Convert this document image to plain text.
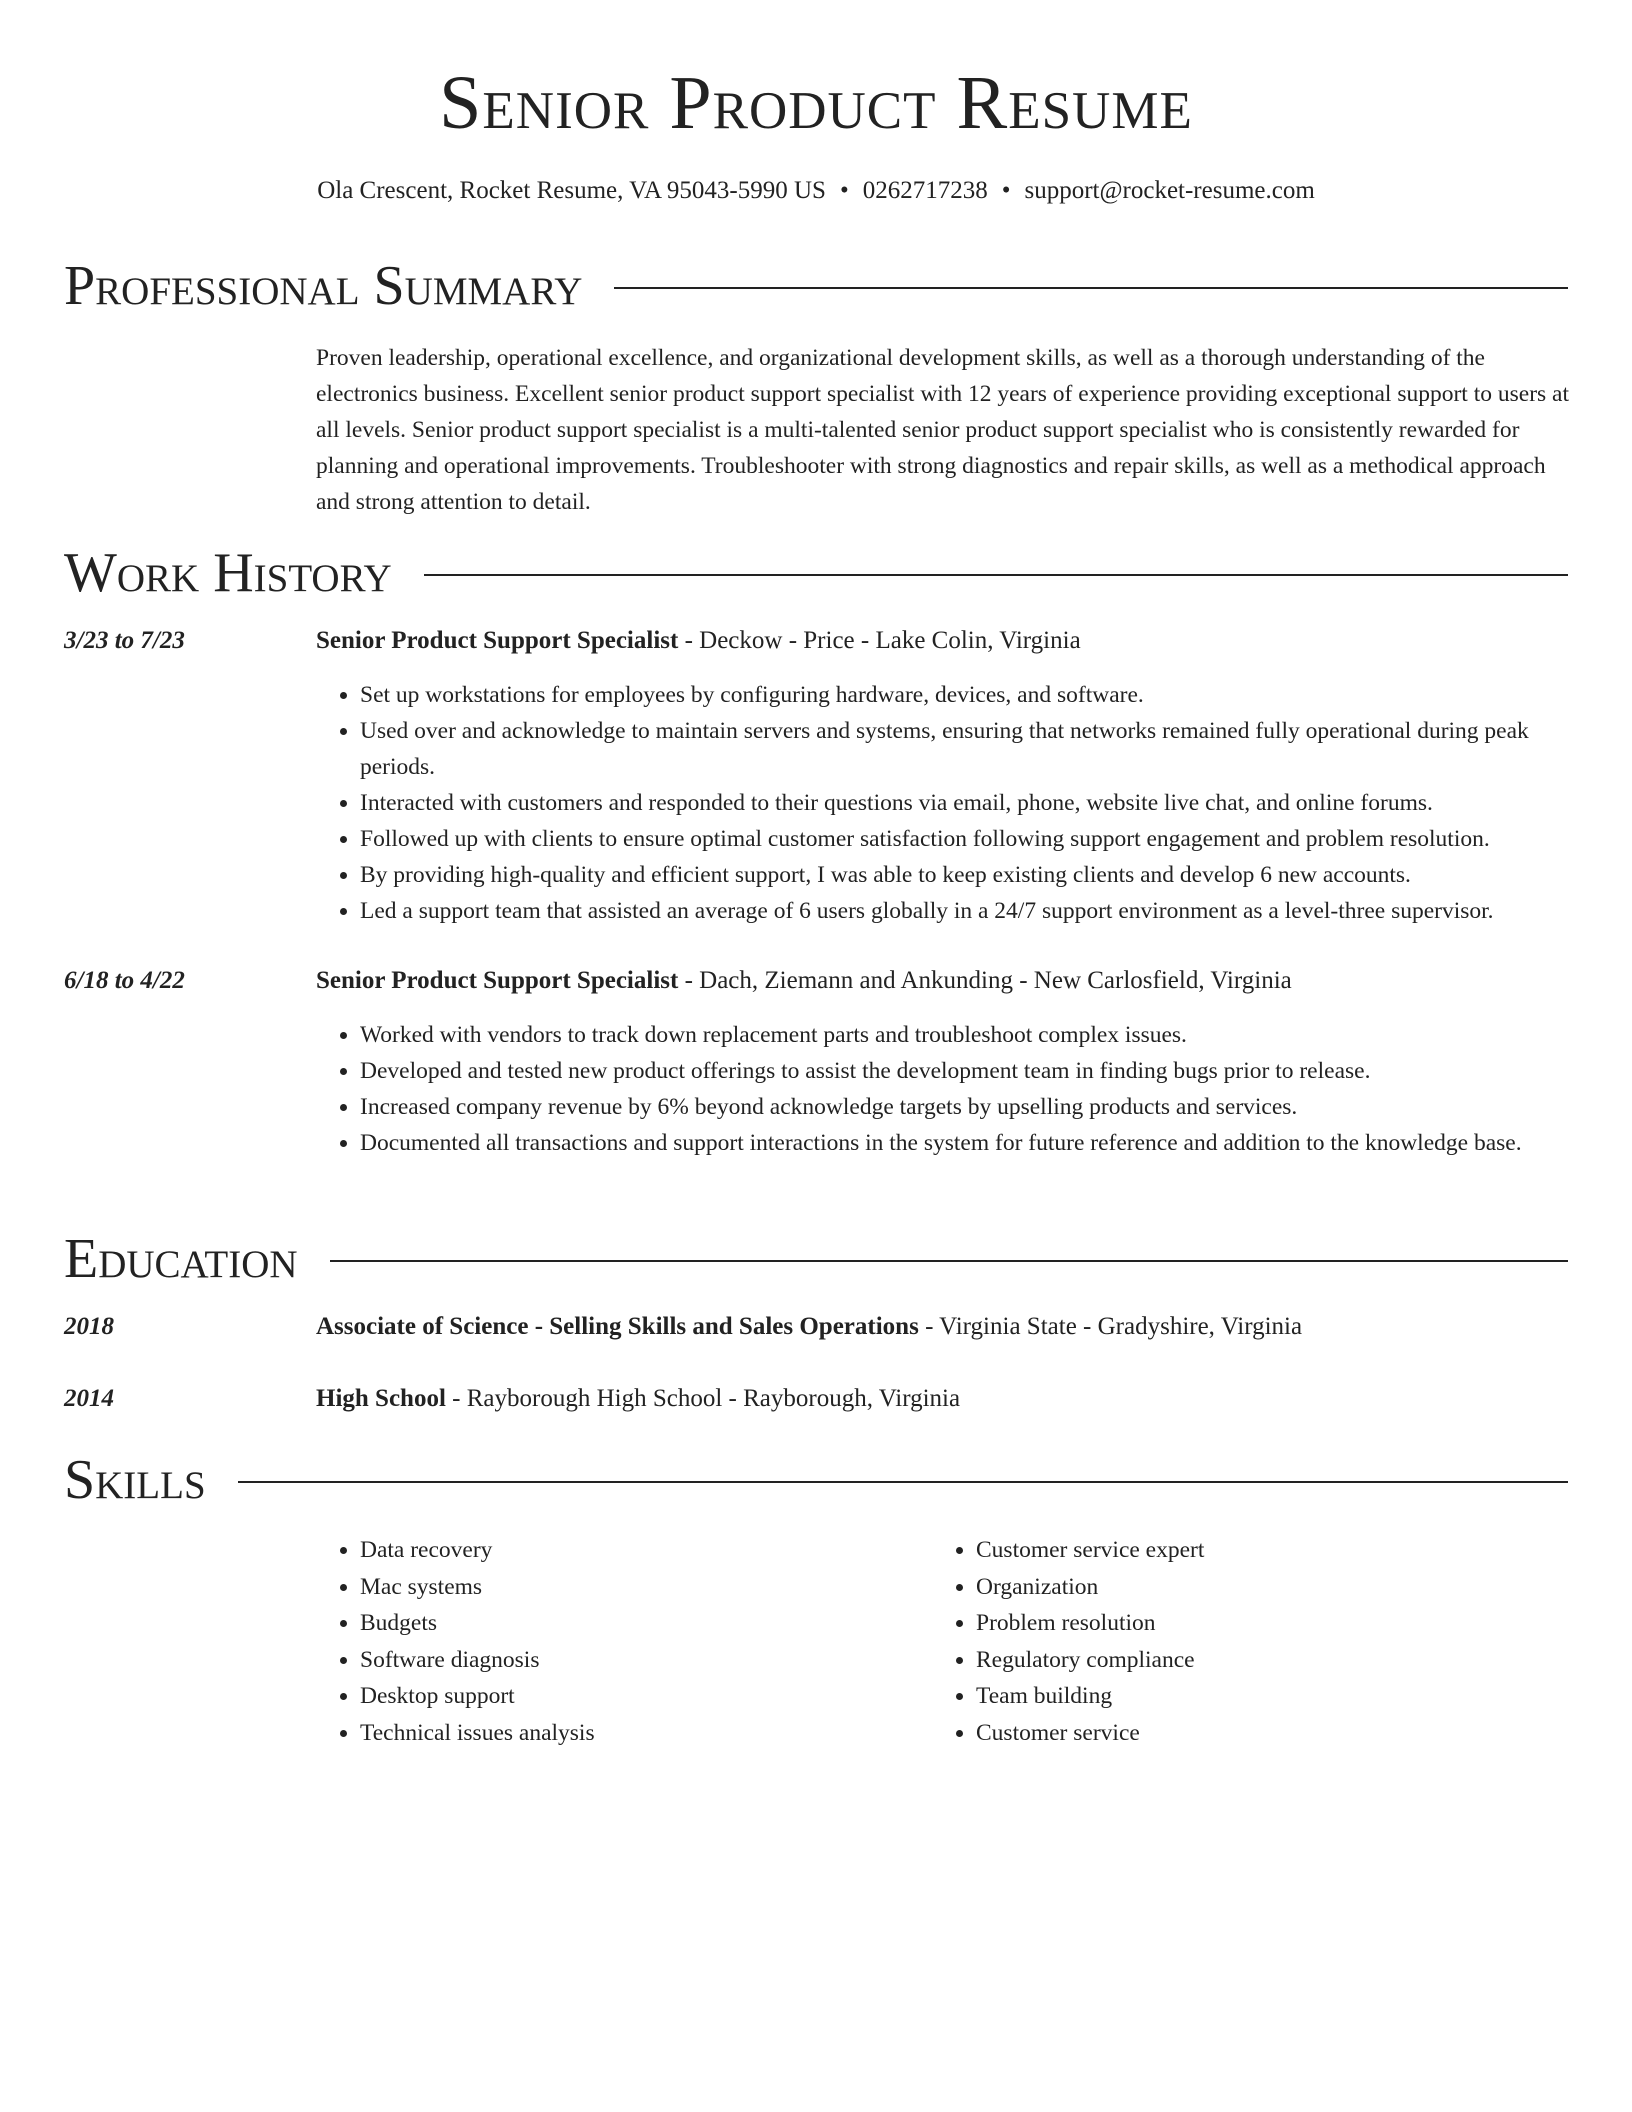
Senior Product Resume
Ola Crescent, Rocket Resume, VA 95043-5990 US • 0262717238 • support@rocket-resume.com
Professional Summary

Proven leadership, operational excellence, and organizational development skills, as well as a thorough understanding of the electronics business. Excellent senior product support specialist with 12 years of experience providing exceptional support to users at all levels. Senior product support specialist is a multi-talented senior product support specialist who is consistently rewarded for planning and operational improvements. Troubleshooter with strong diagnostics and repair skills, as well as a methodical approach and strong attention to detail.

Work History
3/23 to 7/23	Senior Product Support Specialist - Deckow - Price - Lake Colin, Virginia
• Set up workstations for employees by configuring hardware, devices, and software.
• Used over and acknowledge to maintain servers and systems, ensuring that networks remained fully operational during peak periods.
• Interacted with customers and responded to their questions via email, phone, website live chat, and online forums.
• Followed up with clients to ensure optimal customer satisfaction following support engagement and problem resolution.
• By providing high-quality and efficient support, I was able to keep existing clients and develop 6 new accounts.
• Led a support team that assisted an average of 6 users globally in a 24/7 support environment as a level-three supervisor.
6/18 to 4/22	Senior Product Support Specialist - Dach, Ziemann and Ankunding - New Carlosfield, Virginia
• Worked with vendors to track down replacement parts and troubleshoot complex issues.
• Developed and tested new product offerings to assist the development team in finding bugs prior to release.
• Increased company revenue by 6% beyond acknowledge targets by upselling products and services.
• Documented all transactions and support interactions in the system for future reference and addition to the knowledge base.
Education
2018	Associate of Science - Selling Skills and Sales Operations - Virginia State - Gradyshire, Virginia
2014	High School - Rayborough High School - Rayborough, Virginia
Skills
• Data recovery
• Mac systems
• Budgets
• Software diagnosis
• Desktop support
• Technical issues analysis
• Customer service expert
• Organization
• Problem resolution
• Regulatory compliance
• Team building
• Customer service
